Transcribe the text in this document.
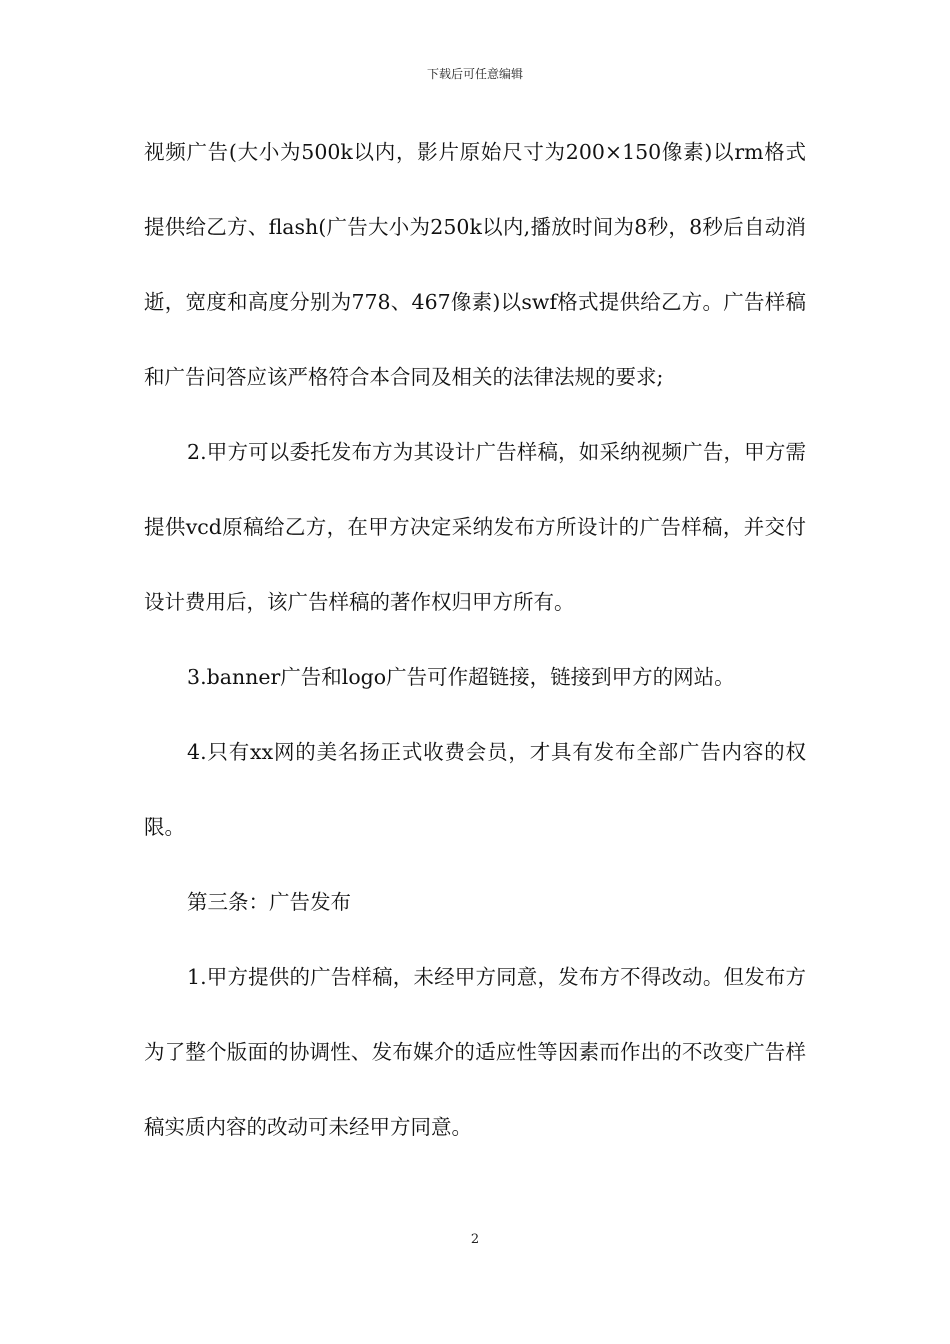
下载后可任意编辑

视频广告(大小为500k以内，影片原始尺寸为200×150像素)以rm格式提供给乙方、flash(广告大小为250k以内,播放时间为8秒，8秒后自动消逝，宽度和高度分别为778、467像素)以swf格式提供给乙方。广告样稿和广告问答应该严格符合本合同及相关的法律法规的要求;

2.甲方可以委托发布方为其设计广告样稿，如采纳视频广告，甲方需提供vcd原稿给乙方，在甲方决定采纳发布方所设计的广告样稿，并交付设计费用后，该广告样稿的著作权归甲方所有。

3.banner广告和logo广告可作超链接，链接到甲方的网站。

4.只有xx网的美名扬正式收费会员，才具有发布全部广告内容的权限。

第三条：广告发布

1.甲方提供的广告样稿，未经甲方同意，发布方不得改动。但发布方为了整个版面的协调性、发布媒介的适应性等因素而作出的不改变广告样稿实质内容的改动可未经甲方同意。

2
